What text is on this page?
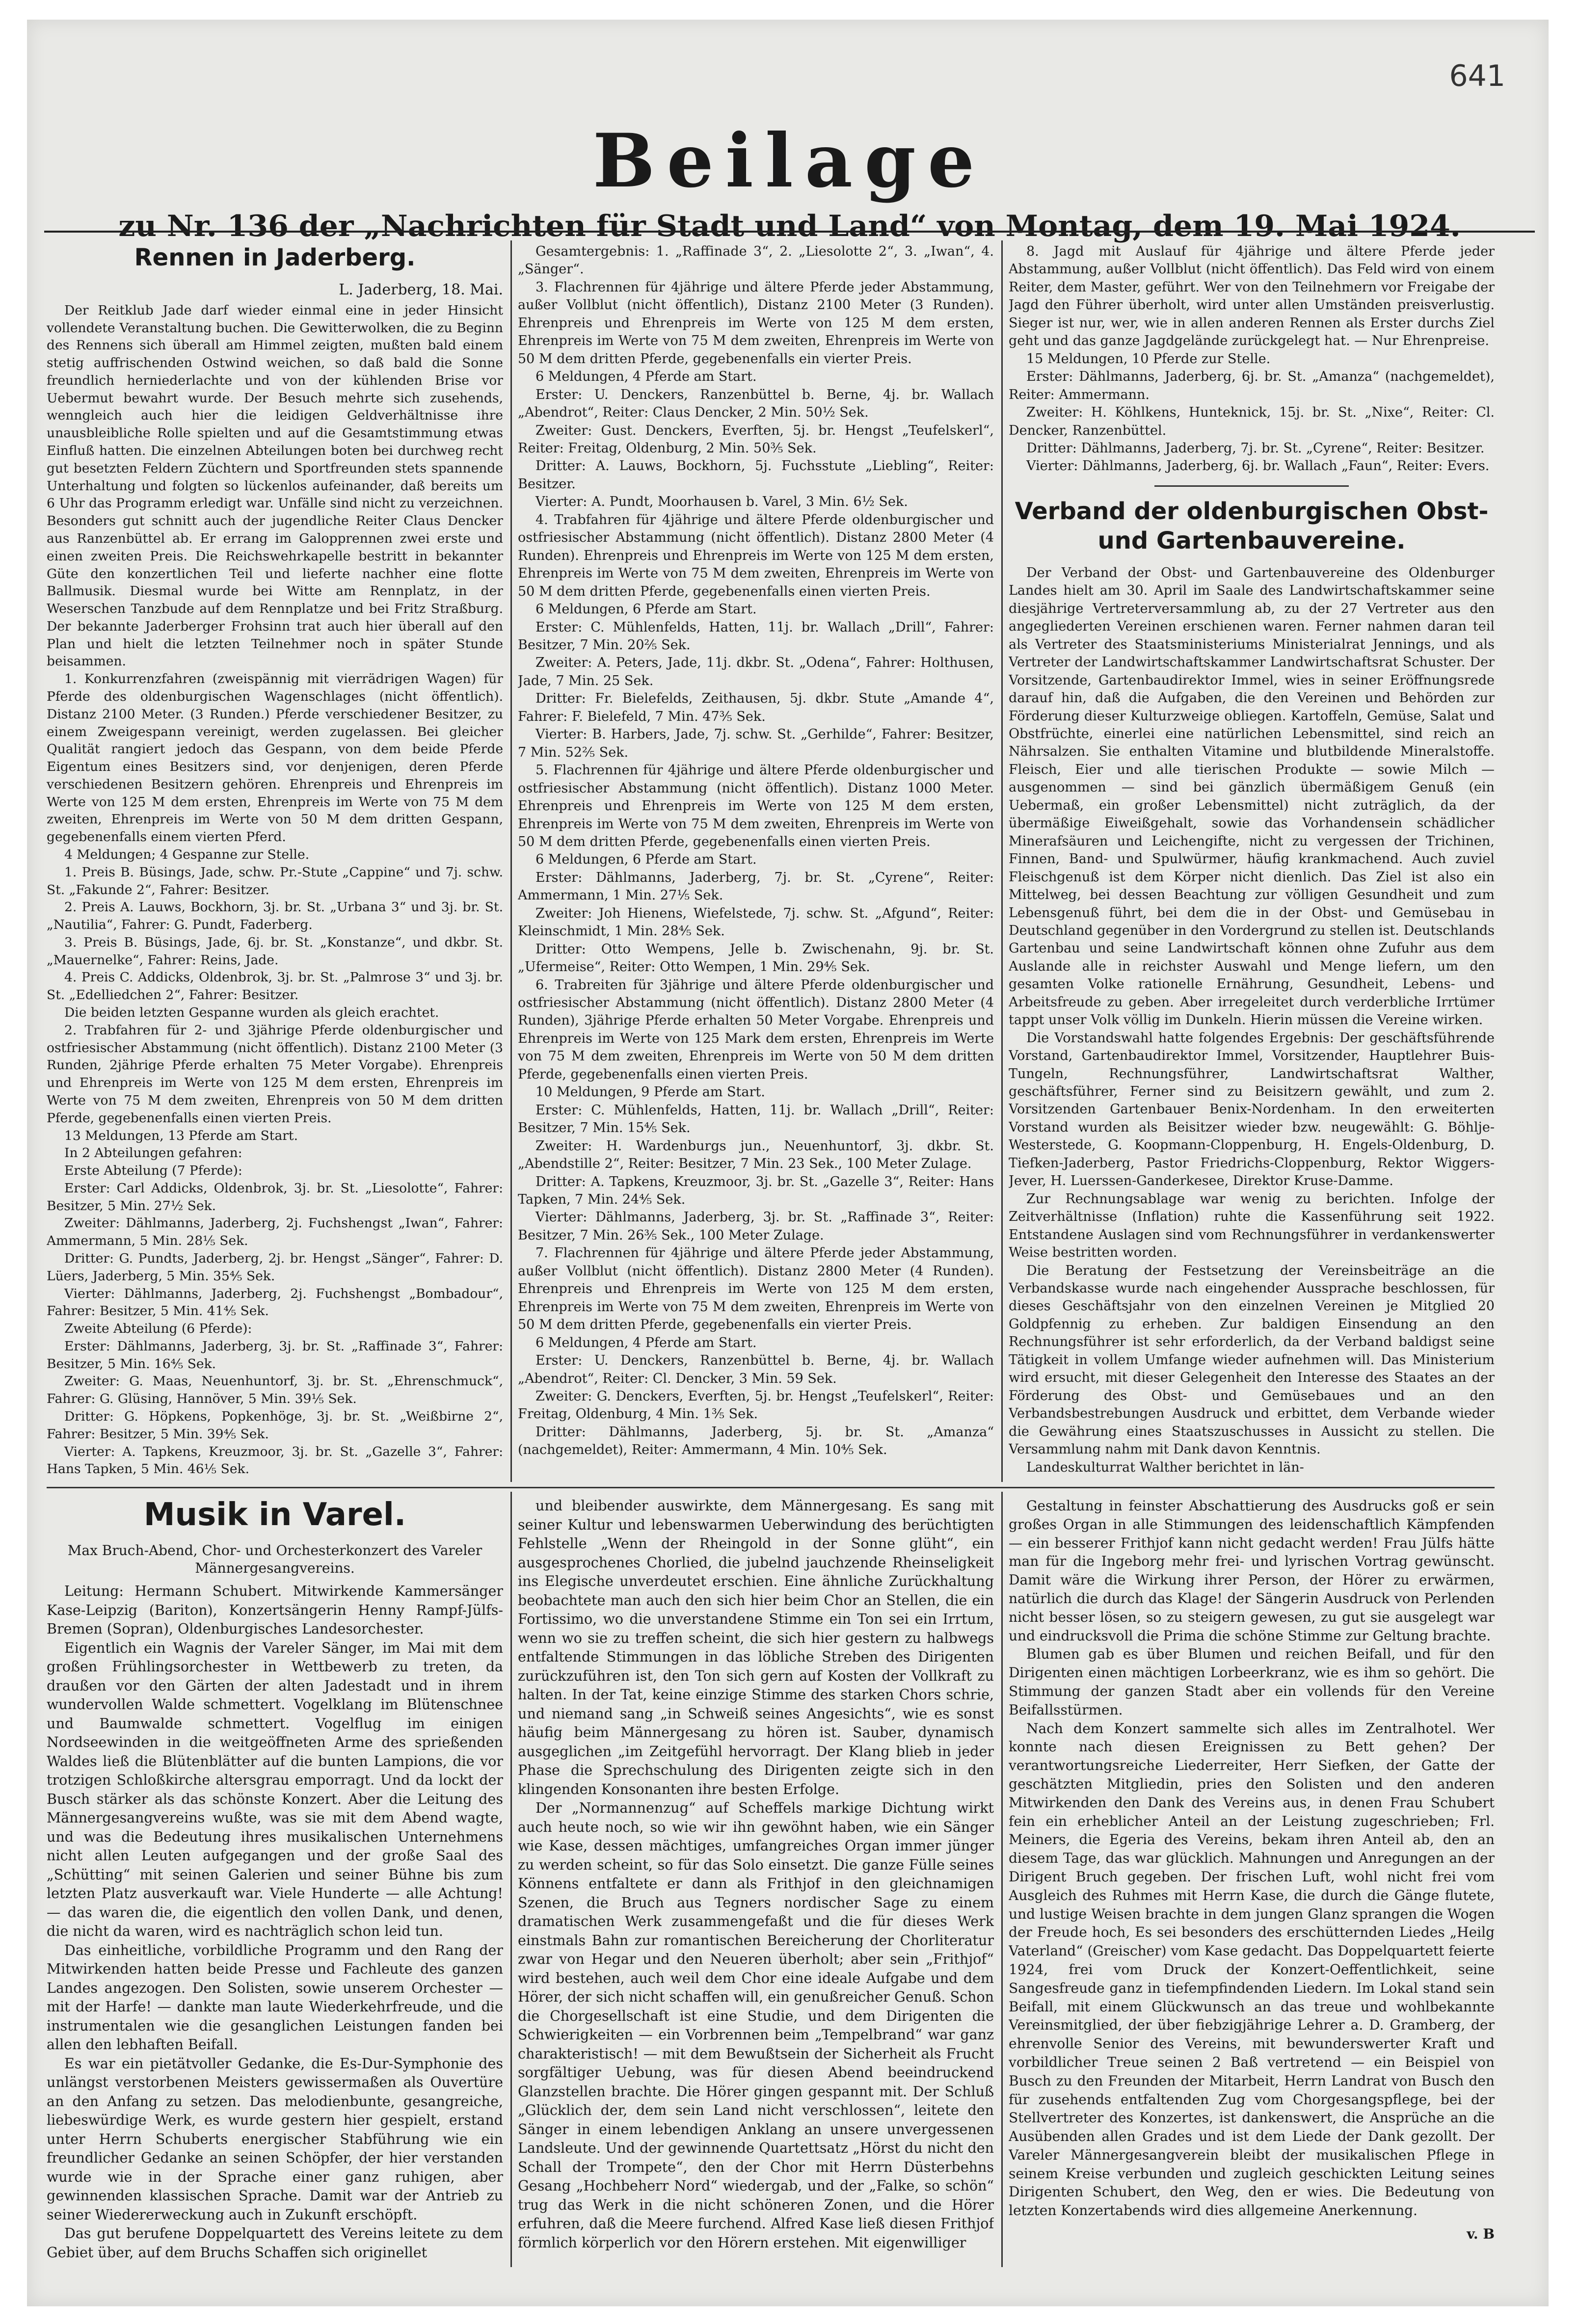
641
Beilage
zu Nr. 136 der „Nachrichten für Stadt und Land“ von Montag, dem 19. Mai 1924.
Rennen in Jaderberg.
L. Jaderberg, 18. Mai.

Der Reitklub Jade darf wieder einmal eine in jeder Hinsicht vollendete Veranstaltung buchen. Die Gewitterwolken, die zu Beginn des Rennens sich überall am Himmel zeigten, mußten bald einem stetig auffrischenden Ostwind weichen, so daß bald die Sonne freundlich herniederlachte und von der kühlenden Brise vor Uebermut bewahrt wurde. Der Besuch mehrte sich zusehends, wenngleich auch hier die leidigen Geldverhältnisse ihre unausbleibliche Rolle spielten und auf die Gesamtstimmung etwas Einfluß hatten. Die einzelnen Abteilungen boten bei durchweg recht gut besetzten Feldern Züchtern und Sportfreunden stets spannende Unterhaltung und folgten so lückenlos aufeinander, daß bereits um 6 Uhr das Programm erledigt war. Unfälle sind nicht zu verzeichnen. Besonders gut schnitt auch der jugendliche Reiter Claus Dencker aus Ranzenbüttel ab. Er errang im Galopprennen zwei erste und einen zweiten Preis. Die Reichswehrkapelle bestritt in bekannter Güte den konzertlichen Teil und lieferte nachher eine flotte Ballmusik. Diesmal wurde bei Witte am Rennplatz, in der Weserschen Tanzbude auf dem Rennplatze und bei Fritz Straßburg. Der bekannte Jaderberger Frohsinn trat auch hier überall auf den Plan und hielt die letzten Teilnehmer noch in später Stunde beisammen.

1. Konkurrenzfahren (zweispännig mit vierrädrigen Wagen) für Pferde des oldenburgischen Wagenschlages (nicht öffentlich). Distanz 2100 Meter. (3 Runden.) Pferde verschiedener Besitzer, zu einem Zweigespann vereinigt, werden zugelassen. Bei gleicher Qualität rangiert jedoch das Gespann, von dem beide Pferde Eigentum eines Besitzers sind, vor denjenigen, deren Pferde verschiedenen Besitzern gehören. Ehrenpreis und Ehrenpreis im Werte von 125 M dem ersten, Ehrenpreis im Werte von 75 M dem zweiten, Ehrenpreis im Werte von 50 M dem dritten Gespann, gegebenenfalls einem vierten Pferd.

4 Meldungen; 4 Gespanne zur Stelle.

1. Preis B. Büsings, Jade, schw. Pr.-Stute „Cappine“ und 7j. schw. St. „Fakunde 2“, Fahrer: Besitzer.

2. Preis A. Lauws, Bockhorn, 3j. br. St. „Urbana 3“ und 3j. br. St. „Nautilia“, Fahrer: G. Pundt, Faderberg.

3. Preis B. Büsings, Jade, 6j. br. St. „Konstanze“, und dkbr. St. „Mauernelke“, Fahrer: Reins, Jade.

4. Preis C. Addicks, Oldenbrok, 3j. br. St. „Palmrose 3“ und 3j. br. St. „Edelliedchen 2“, Fahrer: Besitzer.

Die beiden letzten Gespanne wurden als gleich erachtet.

2. Trabfahren für 2- und 3jährige Pferde oldenburgischer und ostfriesischer Abstammung (nicht öffentlich). Distanz 2100 Meter (3 Runden, 2jährige Pferde erhalten 75 Meter Vorgabe). Ehrenpreis und Ehrenpreis im Werte von 125 M dem ersten, Ehrenpreis im Werte von 75 M dem zweiten, Ehrenpreis von 50 M dem dritten Pferde, gegebenenfalls einen vierten Preis.

13 Meldungen, 13 Pferde am Start.

In 2 Abteilungen gefahren:

Erste Abteilung (7 Pferde):

Erster: Carl Addicks, Oldenbrok, 3j. br. St. „Liesolotte“, Fahrer: Besitzer, 5 Min. 27½ Sek.

Zweiter: Dählmanns, Jaderberg, 2j. Fuchshengst „Iwan“, Fahrer: Ammermann, 5 Min. 28⅕ Sek.

Dritter: G. Pundts, Jaderberg, 2j. br. Hengst „Sänger“, Fahrer: D. Lüers, Jaderberg, 5 Min. 35⅘ Sek.

Vierter: Dählmanns, Jaderberg, 2j. Fuchshengst „Bombadour“, Fahrer: Besitzer, 5 Min. 41⅘ Sek.

Zweite Abteilung (6 Pferde):

Erster: Dählmanns, Jaderberg, 3j. br. St. „Raffinade 3“, Fahrer: Besitzer, 5 Min. 16⅘ Sek.

Zweiter: G. Maas, Neuenhuntorf, 3j. br. St. „Ehrenschmuck“, Fahrer: G. Glüsing, Hannöver, 5 Min. 39⅕ Sek.

Dritter: G. Höpkens, Popkenhöge, 3j. br. St. „Weißbirne 2“, Fahrer: Besitzer, 5 Min. 39⅘ Sek.

Vierter: A. Tapkens, Kreuzmoor, 3j. br. St. „Gazelle 3“, Fahrer: Hans Tapken, 5 Min. 46⅕ Sek.

Gesamtergebnis: 1. „Raffinade 3“, 2. „Liesolotte 2“, 3. „Iwan“, 4. „Sänger“.

3. Flachrennen für 4jährige und ältere Pferde jeder Abstammung, außer Vollblut (nicht öffentlich), Distanz 2100 Meter (3 Runden). Ehrenpreis und Ehrenpreis im Werte von 125 M dem ersten, Ehrenpreis im Werte von 75 M dem zweiten, Ehrenpreis im Werte von 50 M dem dritten Pferde, gegebenenfalls ein vierter Preis.

6 Meldungen, 4 Pferde am Start.

Erster: U. Denckers, Ranzenbüttel b. Berne, 4j. br. Wallach „Abendrot“, Reiter: Claus Dencker, 2 Min. 50½ Sek.

Zweiter: Gust. Denckers, Everften, 5j. br. Hengst „Teufelskerl“, Reiter: Freitag, Oldenburg, 2 Min. 50⅗ Sek.

Dritter: A. Lauws, Bockhorn, 5j. Fuchsstute „Liebling“, Reiter: Besitzer.

Vierter: A. Pundt, Moorhausen b. Varel, 3 Min. 6½ Sek.

4. Trabfahren für 4jährige und ältere Pferde oldenburgischer und ostfriesischer Abstammung (nicht öffentlich). Distanz 2800 Meter (4 Runden). Ehrenpreis und Ehrenpreis im Werte von 125 M dem ersten, Ehrenpreis im Werte von 75 M dem zweiten, Ehrenpreis im Werte von 50 M dem dritten Pferde, gegebenenfalls einen vierten Preis.

6 Meldungen, 6 Pferde am Start.

Erster: C. Mühlenfelds, Hatten, 11j. br. Wallach „Drill“, Fahrer: Besitzer, 7 Min. 20⅖ Sek.

Zweiter: A. Peters, Jade, 11j. dkbr. St. „Odena“, Fahrer: Holthusen, Jade, 7 Min. 25 Sek.

Dritter: Fr. Bielefelds, Zeithausen, 5j. dkbr. Stute „Amande 4“, Fahrer: F. Bielefeld, 7 Min. 47⅗ Sek.

Vierter: B. Harbers, Jade, 7j. schw. St. „Gerhilde“, Fahrer: Besitzer, 7 Min. 52⅖ Sek.

5. Flachrennen für 4jährige und ältere Pferde oldenburgischer und ostfriesischer Abstammung (nicht öffentlich). Distanz 1000 Meter. Ehrenpreis und Ehrenpreis im Werte von 125 M dem ersten, Ehrenpreis im Werte von 75 M dem zweiten, Ehrenpreis im Werte von 50 M dem dritten Pferde, gegebenenfalls einen vierten Preis.

6 Meldungen, 6 Pferde am Start.

Erster: Dählmanns, Jaderberg, 7j. br. St. „Cyrene“, Reiter: Ammermann, 1 Min. 27⅕ Sek.

Zweiter: Joh Hienens, Wiefelstede, 7j. schw. St. „Afgund“, Reiter: Kleinschmidt, 1 Min. 28⅘ Sek.

Dritter: Otto Wempens, Jelle b. Zwischenahn, 9j. br. St. „Ufermeise“, Reiter: Otto Wempen, 1 Min. 29⅘ Sek.

6. Trabreiten für 3jährige und ältere Pferde oldenburgischer und ostfriesischer Abstammung (nicht öffentlich). Distanz 2800 Meter (4 Runden), 3jährige Pferde erhalten 50 Meter Vorgabe. Ehrenpreis und Ehrenpreis im Werte von 125 Mark dem ersten, Ehrenpreis im Werte von 75 M dem zweiten, Ehrenpreis im Werte von 50 M dem dritten Pferde, gegebenenfalls einen vierten Preis.

10 Meldungen, 9 Pferde am Start.

Erster: C. Mühlenfelds, Hatten, 11j. br. Wallach „Drill“, Reiter: Besitzer, 7 Min. 15⅘ Sek.

Zweiter: H. Wardenburgs jun., Neuenhuntorf, 3j. dkbr. St. „Abendstille 2“, Reiter: Besitzer, 7 Min. 23 Sek., 100 Meter Zulage.

Dritter: A. Tapkens, Kreuzmoor, 3j. br. St. „Gazelle 3“, Reiter: Hans Tapken, 7 Min. 24⅘ Sek.

Vierter: Dählmanns, Jaderberg, 3j. br. St. „Raffinade 3“, Reiter: Besitzer, 7 Min. 26⅗ Sek., 100 Meter Zulage.

7. Flachrennen für 4jährige und ältere Pferde jeder Abstammung, außer Vollblut (nicht öffentlich). Distanz 2800 Meter (4 Runden). Ehrenpreis und Ehrenpreis im Werte von 125 M dem ersten, Ehrenpreis im Werte von 75 M dem zweiten, Ehrenpreis im Werte von 50 M dem dritten Pferde, gegebenenfalls ein vierter Preis.

6 Meldungen, 4 Pferde am Start.

Erster: U. Denckers, Ranzenbüttel b. Berne, 4j. br. Wallach „Abendrot“, Reiter: Cl. Dencker, 3 Min. 59 Sek.

Zweiter: G. Denckers, Everften, 5j. br. Hengst „Teufelskerl“, Reiter: Freitag, Oldenburg, 4 Min. 1⅗ Sek.

Dritter: Dählmanns, Jaderberg, 5j. br. St. „Amanza“ (nachgemeldet), Reiter: Ammermann, 4 Min. 10⅘ Sek.

8. Jagd mit Auslauf für 4jährige und ältere Pferde jeder Abstammung, außer Vollblut (nicht öffentlich). Das Feld wird von einem Reiter, dem Master, geführt. Wer von den Teilnehmern vor Freigabe der Jagd den Führer überholt, wird unter allen Umständen preisverlustig. Sieger ist nur, wer, wie in allen anderen Rennen als Erster durchs Ziel geht und das ganze Jagdgelände zurückgelegt hat. — Nur Ehrenpreise.

15 Meldungen, 10 Pferde zur Stelle.

Erster: Dählmanns, Jaderberg, 6j. br. St. „Amanza“ (nachgemeldet), Reiter: Ammermann.

Zweiter: H. Köhlkens, Hunteknick, 15j. br. St. „Nixe“, Reiter: Cl. Dencker, Ranzenbüttel.

Dritter: Dählmanns, Jaderberg, 7j. br. St. „Cyrene“, Reiter: Besitzer.

Vierter: Dählmanns, Jaderberg, 6j. br. Wallach „Faun“, Reiter: Evers.

Verband der oldenburgischen Obst- und Gartenbauvereine.

Der Verband der Obst- und Gartenbauvereine des Oldenburger Landes hielt am 30. April im Saale des Landwirtschaftskammer seine diesjährige Vertreterversammlung ab, zu der 27 Vertreter aus den angegliederten Vereinen erschienen waren. Ferner nahmen daran teil als Vertreter des Staatsministeriums Ministerialrat Jennings, und als Vertreter der Landwirtschaftskammer Landwirtschaftsrat Schuster. Der Vorsitzende, Gartenbaudirektor Immel, wies in seiner Eröffnungsrede darauf hin, daß die Aufgaben, die den Vereinen und Behörden zur Förderung dieser Kulturzweige obliegen. Kartoffeln, Gemüse, Salat und Obstfrüchte, einerlei eine natürlichen Lebensmittel, sind reich an Nährsalzen. Sie enthalten Vitamine und blutbildende Mineralstoffe. Fleisch, Eier und alle tierischen Produkte — sowie Milch — ausgenommen — sind bei gänzlich übermäßigem Genuß (ein Uebermaß, ein großer Lebensmittel) nicht zuträglich, da der übermäßige Eiweißgehalt, sowie das Vorhandensein schädlicher Minerafsäuren und Leichengifte, nicht zu vergessen der Trichinen, Finnen, Band- und Spulwürmer, häufig krankmachend. Auch zuviel Fleischgenuß ist dem Körper nicht dienlich. Das Ziel ist also ein Mittelweg, bei dessen Beachtung zur völligen Gesundheit und zum Lebensgenuß führt, bei dem die in der Obst- und Gemüsebau in Deutschland gegenüber in den Vordergrund zu stellen ist. Deutschlands Gartenbau und seine Landwirtschaft können ohne Zufuhr aus dem Auslande alle in reichster Auswahl und Menge liefern, um den gesamten Volke rationelle Ernährung, Gesundheit, Lebens- und Arbeitsfreude zu geben. Aber irregeleitet durch verderbliche Irrtümer tappt unser Volk völlig im Dunkeln. Hierin müssen die Vereine wirken.

Die Vorstandswahl hatte folgendes Ergebnis: Der geschäftsführende Vorstand, Gartenbaudirektor Immel, Vorsitzender, Hauptlehrer Buis-Tungeln, Rechnungsführer, Landwirtschaftsrat Walther, geschäftsführer, Ferner sind zu Beisitzern gewählt, und zum 2. Vorsitzenden Gartenbauer Benix-Nordenham. In den erweiterten Vorstand wurden als Beisitzer wieder bzw. neugewählt: G. Böhlje-Westerstede, G. Koopmann-Cloppenburg, H. Engels-Oldenburg, D. Tiefken-Jaderberg, Pastor Friedrichs-Cloppenburg, Rektor Wiggers-Jever, H. Luerssen-Ganderkesee, Direktor Kruse-Damme.

Zur Rechnungsablage war wenig zu berichten. Infolge der Zeitverhältnisse (Inflation) ruhte die Kassenführung seit 1922. Entstandene Auslagen sind vom Rechnungsführer in verdankenswerter Weise bestritten worden.

Die Beratung der Festsetzung der Vereinsbeiträge an die Verbandskasse wurde nach eingehender Aussprache beschlossen, für dieses Geschäftsjahr von den einzelnen Vereinen je Mitglied 20 Goldpfennig zu erheben. Zur baldigen Einsendung an den Rechnungsführer ist sehr erforderlich, da der Verband baldigst seine Tätigkeit in vollem Umfange wieder aufnehmen will. Das Ministerium wird ersucht, mit dieser Gelegenheit den Interesse des Staates an der Förderung des Obst- und Gemüsebaues und an den Verbandsbestrebungen Ausdruck und erbittet, dem Verbande wieder die Gewährung eines Staatszuschusses in Aussicht zu stellen. Die Versammlung nahm mit Dank davon Kenntnis.

Landeskulturrat Walther berichtet in län-

Musik in Varel.
Max Bruch-Abend, Chor- und Orchesterkonzert des Vareler Männergesangvereins.

Leitung: Hermann Schubert. Mitwirkende Kammersänger Kase-Leipzig (Bariton), Konzertsängerin Henny Rampf-Jülfs-Bremen (Sopran), Oldenburgisches Landesorchester.

Eigentlich ein Wagnis der Vareler Sänger, im Mai mit dem großen Frühlingsorchester in Wettbewerb zu treten, da draußen vor den Gärten der alten Jadestadt und in ihrem wundervollen Walde schmettert. Vogelklang im Blütenschnee und Baumwalde schmettert. Vogelflug im einigen Nordseewinden in die weitgeöffneten Arme des sprießenden Waldes ließ die Blütenblätter auf die bunten Lampions, die vor trotzigen Schloßkirche altersgrau emporragt. Und da lockt der Busch stärker als das schönste Konzert. Aber die Leitung des Männergesangvereins wußte, was sie mit dem Abend wagte, und was die Bedeutung ihres musikalischen Unternehmens nicht allen Leuten aufgegangen und der große Saal des „Schütting“ mit seinen Galerien und seiner Bühne bis zum letzten Platz ausverkauft war. Viele Hunderte — alle Achtung! — das waren die, die eigentlich den vollen Dank, und denen, die nicht da waren, wird es nachträglich schon leid tun.

Das einheitliche, vorbildliche Programm und den Rang der Mitwirkenden hatten beide Presse und Fachleute des ganzen Landes angezogen. Den Solisten, sowie unserem Orchester — mit der Harfe! — dankte man laute Wiederkehrfreude, und die instrumentalen wie die gesanglichen Leistungen fanden bei allen den lebhaften Beifall.

Es war ein pietätvoller Gedanke, die Es-Dur-Symphonie des unlängst verstorbenen Meisters gewissermaßen als Ouvertüre an den Anfang zu setzen. Das melodienbunte, gesangreiche, liebeswürdige Werk, es wurde gestern hier gespielt, erstand unter Herrn Schuberts energischer Stabführung wie ein freundlicher Gedanke an seinen Schöpfer, der hier verstanden wurde wie in der Sprache einer ganz ruhigen, aber gewinnenden klassischen Sprache. Damit war der Antrieb zu seiner Wiedererweckung auch in Zukunft erschöpft.

Das gut berufene Doppelquartett des Vereins leitete zu dem Gebiet über, auf dem Bruchs Schaffen sich originellet

und bleibender auswirkte, dem Männergesang. Es sang mit seiner Kultur und lebenswarmen Ueberwindung des berüchtigten Fehlstelle „Wenn der Rheingold in der Sonne glüht“, ein ausgesprochenes Chorlied, die jubelnd jauchzende Rheinseligkeit ins Elegische unverdeutet erschien. Eine ähnliche Zurückhaltung beobachtete man auch den sich hier beim Chor an Stellen, die ein Fortissimo, wo die unverstandene Stimme ein Ton sei ein Irrtum, wenn wo sie zu treffen scheint, die sich hier gestern zu halbwegs entfaltende Stimmungen in das löbliche Streben des Dirigenten zurückzuführen ist, den Ton sich gern auf Kosten der Vollkraft zu halten. In der Tat, keine einzige Stimme des starken Chors schrie, und niemand sang „in Schweiß seines Angesichts“, wie es sonst häufig beim Männergesang zu hören ist. Sauber, dynamisch ausgeglichen „im Zeitgefühl hervorragt. Der Klang blieb in jeder Phase die Sprechschulung des Dirigenten zeigte sich in den klingenden Konsonanten ihre besten Erfolge.

Der „Normannenzug“ auf Scheffels markige Dichtung wirkt auch heute noch, so wie wir ihn gewöhnt haben, wie ein Sänger wie Kase, dessen mächtiges, umfangreiches Organ immer jünger zu werden scheint, so für das Solo einsetzt. Die ganze Fülle seines Könnens entfaltete er dann als Frithjof in den gleichnamigen Szenen, die Bruch aus Tegners nordischer Sage zu einem dramatischen Werk zusammengefaßt und die für dieses Werk einstmals Bahn zur romantischen Bereicherung der Chorliteratur zwar von Hegar und den Neueren überholt; aber sein „Frithjof“ wird bestehen, auch weil dem Chor eine ideale Aufgabe und dem Hörer, der sich nicht schaffen will, ein genußreicher Genuß. Schon die Chorgesellschaft ist eine Studie, und dem Dirigenten die Schwierigkeiten — ein Vorbrennen beim „Tempelbrand“ war ganz charakteristisch! — mit dem Bewußtsein der Sicherheit als Frucht sorgfältiger Uebung, was für diesen Abend beeindruckend Glanzstellen brachte. Die Hörer gingen gespannt mit. Der Schluß „Glücklich der, dem sein Land nicht verschlossen“, leitete den Sänger in einem lebendigen Anklang an unsere unvergessenen Landsleute. Und der gewinnende Quartettsatz „Hörst du nicht den Schall der Trompete“, den der Chor mit Herrn Düsterbehns Gesang „Hochbeherr Nord“ wiedergab, und der „Falke, so schön“ trug das Werk in die nicht schöneren Zonen, und die Hörer erfuhren, daß die Meere furchend. Alfred Kase ließ diesen Frithjof förmlich körperlich vor den Hörern erstehen. Mit eigenwilliger

Gestaltung in feinster Abschattierung des Ausdrucks goß er sein großes Organ in alle Stimmungen des leidenschaftlich Kämpfenden — ein besserer Frithjof kann nicht gedacht werden! Frau Jülfs hätte man für die Ingeborg mehr frei- und lyrischen Vortrag gewünscht. Damit wäre die Wirkung ihrer Person, der Hörer zu erwärmen, natürlich die durch das Klage! der Sängerin Ausdruck von Perlenden nicht besser lösen, so zu steigern gewesen, zu gut sie ausgelegt war und eindrucksvoll die Prima die schöne Stimme zur Geltung brachte.

Blumen gab es über Blumen und reichen Beifall, und für den Dirigenten einen mächtigen Lorbeerkranz, wie es ihm so gehört. Die Stimmung der ganzen Stadt aber ein vollends für den Vereine Beifallsstürmen.

Nach dem Konzert sammelte sich alles im Zentralhotel. Wer konnte nach diesen Ereignissen zu Bett gehen? Der verantwortungsreiche Liederreiter, Herr Siefken, der Gatte der geschätzten Mitgliedin, pries den Solisten und den anderen Mitwirkenden den Dank des Vereins aus, in denen Frau Schubert fein ein erheblicher Anteil an der Leistung zugeschrieben; Frl. Meiners, die Egeria des Vereins, bekam ihren Anteil ab, den an diesem Tage, das war glücklich. Mahnungen und Anregungen an der Dirigent Bruch gegeben. Der frischen Luft, wohl nicht frei vom Ausgleich des Ruhmes mit Herrn Kase, die durch die Gänge flutete, und lustige Weisen brachte in dem jungen Glanz sprangen die Wogen der Freude hoch, Es sei besonders des erschütternden Liedes „Heilg Vaterland“ (Greischer) vom Kase gedacht. Das Doppelquartett feierte 1924, frei vom Druck der Konzert-Oeffentlichkeit, seine Sangesfreude ganz in tiefempfindenden Liedern. Im Lokal stand sein Beifall, mit einem Glückwunsch an das treue und wohlbekannte Vereinsmitglied, der über fiebzigjährige Lehrer a. D. Gramberg, der ehrenvolle Senior des Vereins, mit bewunderswerter Kraft und vorbildlicher Treue seinen 2 Baß vertretend — ein Beispiel von Busch zu den Freunden der Mitarbeit, Herrn Landrat von Busch den für zusehends entfaltenden Zug vom Chorgesangspflege, bei der Stellvertreter des Konzertes, ist dankenswert, die Ansprüche an die Ausübenden allen Grades und ist dem Liede der Dank gezollt. Der Vareler Männergesangverein bleibt der musikalischen Pflege in seinem Kreise verbunden und zugleich geschickten Leitung seines Dirigenten Schubert, den Weg, den er wies. Die Bedeutung von letzten Konzertabends wird dies allgemeine Anerkennung.

v. B
